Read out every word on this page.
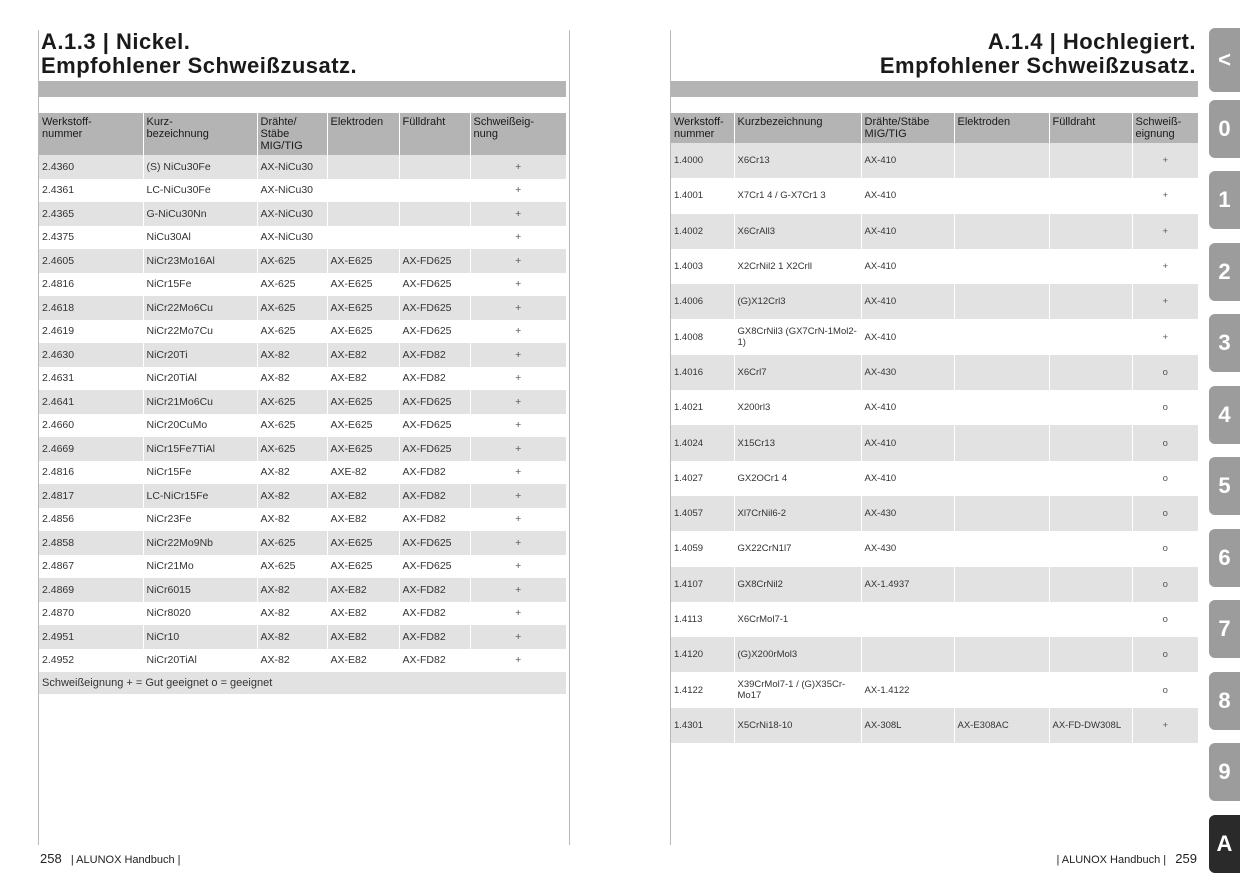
A.1.3 | Nickel.
Empfohlener Schweißzusatz.
Werkstoff-
nummer	Kurz-
bezeichnung	Drähte/
Stäbe
MIG/TIG	Elektroden	Fülldraht	Schweißeig-
nung
2.4360	(S) NiCu30Fe	AX-NiCu30			+
2.4361	LC-NiCu30Fe	AX-NiCu30			+
2.4365	G-NiCu30Nn	AX-NiCu30			+
2.4375	NiCu30Al	AX-NiCu30			+
2.4605	NiCr23Mo16Al	AX-625	AX-E625	AX-FD625	+
2.4816	NiCr15Fe	AX-625	AX-E625	AX-FD625	+
2.4618	NiCr22Mo6Cu	AX-625	AX-E625	AX-FD625	+
2.4619	NiCr22Mo7Cu	AX-625	AX-E625	AX-FD625	+
2.4630	NiCr20Ti	AX-82	AX-E82	AX-FD82	+
2.4631	NiCr20TiAl	AX-82	AX-E82	AX-FD82	+
2.4641	NiCr21Mo6Cu	AX-625	AX-E625	AX-FD625	+
2.4660	NiCr20CuMo	AX-625	AX-E625	AX-FD625	+
2.4669	NiCr15Fe7TiAl	AX-625	AX-E625	AX-FD625	+
2.4816	NiCr15Fe	AX-82	AXE-82	AX-FD82	+
2.4817	LC-NiCr15Fe	AX-82	AX-E82	AX-FD82	+
2.4856	NiCr23Fe	AX-82	AX-E82	AX-FD82	+
2.4858	NiCr22Mo9Nb	AX-625	AX-E625	AX-FD625	+
2.4867	NiCr21Mo	AX-625	AX-E625	AX-FD625	+
2.4869	NiCr6015	AX-82	AX-E82	AX-FD82	+
2.4870	NiCr8020	AX-82	AX-E82	AX-FD82	+
2.4951	NiCr10	AX-82	AX-E82	AX-FD82	+
2.4952	NiCr20TiAl	AX-82	AX-E82	AX-FD82	+
Schweißeignung + = Gut geeignet o = geeignet					
258 | ALUNOX Handbuch |
A.1.4 | Hochlegiert.
Empfohlener Schweißzusatz.
Werkstoff-
nummer	Kurzbezeichnung	Drähte/Stäbe
MIG/TIG	Elektroden	Fülldraht	Schweiß-
eignung
1.4000	X6Cr13	AX-410			+
1.4001	X7Cr1 4 / G-X7Cr1 3	AX-410			+
1.4002	X6CrAll3	AX-410			+
1.4003	X2CrNil2 1 X2Crll	AX-410			+
1.4006	(G)X12Crl3	AX-410			+
1.4008	GX8CrNil3 (GX7CrN-1Mol2-1)	AX-410			+
1.4016	X6Crl7	AX-430			o
1.4021	X200rl3	AX-410			o
1.4024	X15Cr13	AX-410			o
1.4027	GX2OCr1 4	AX-410			o
1.4057	Xl7CrNil6-2	AX-430			o
1.4059	GX22CrN1l7	AX-430			o
1.4107	GX8CrNil2	AX-1.4937			o
1.4113	X6CrMol7-1				o
1.4120	(G)X200rMol3				o
1.4122	X39CrMol7-1 / (G)X35Cr-Mo17	AX-1.4122			o
1.4301	X5CrNi18-10	AX-308L	AX-E308AC	AX-FD-DW308L	+
| ALUNOX Handbuch | 259
<
0
1
2
3
4
5
6
7
8
9
A
